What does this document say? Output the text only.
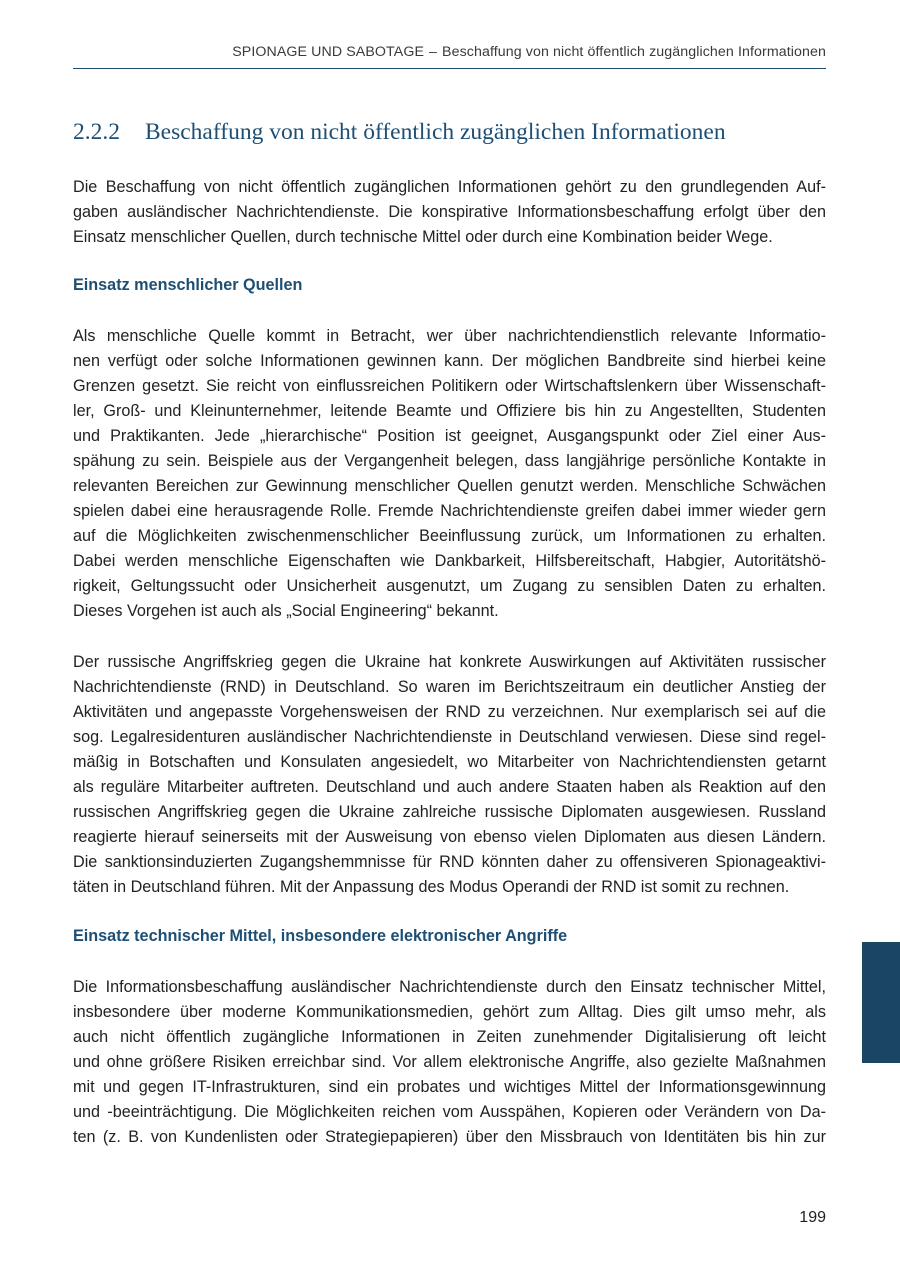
SPIONAGE UND SABOTAGE – Beschaffung von nicht öffentlich zugänglichen Informationen
2.2.2 Beschaffung von nicht öffentlich zugänglichen Informationen
Die Beschaffung von nicht öffentlich zugänglichen Informationen gehört zu den grundlegenden Auf-
gaben ausländischer Nachrichtendienste. Die konspirative Informationsbeschaffung erfolgt über den
Einsatz menschlicher Quellen, durch technische Mittel oder durch eine Kombination beider Wege.
Einsatz menschlicher Quellen
Als menschliche Quelle kommt in Betracht, wer über nachrichtendienstlich relevante Informatio-
nen verfügt oder solche Informationen gewinnen kann. Der möglichen Bandbreite sind hierbei keine
Grenzen gesetzt. Sie reicht von einflussreichen Politikern oder Wirtschaftslenkern über Wissenschaft-
ler, Groß- und Kleinunternehmer, leitende Beamte und Offiziere bis hin zu Angestellten, Studenten
und Praktikanten. Jede „hierarchische“ Position ist geeignet, Ausgangspunkt oder Ziel einer Aus-
spähung zu sein. Beispiele aus der Vergangenheit belegen, dass langjährige persönliche Kontakte in
relevanten Bereichen zur Gewinnung menschlicher Quellen genutzt werden. Menschliche Schwächen
spielen dabei eine herausragende Rolle. Fremde Nachrichtendienste greifen dabei immer wieder gern
auf die Möglichkeiten zwischenmenschlicher Beeinflussung zurück, um Informationen zu erhalten.
Dabei werden menschliche Eigenschaften wie Dankbarkeit, Hilfsbereitschaft, Habgier, Autoritätshö-
rigkeit, Geltungssucht oder Unsicherheit ausgenutzt, um Zugang zu sensiblen Daten zu erhalten.
Dieses Vorgehen ist auch als „Social Engineering“ bekannt.
Der russische Angriffskrieg gegen die Ukraine hat konkrete Auswirkungen auf Aktivitäten russischer
Nachrichtendienste (RND) in Deutschland. So waren im Berichtszeitraum ein deutlicher Anstieg der
Aktivitäten und angepasste Vorgehensweisen der RND zu verzeichnen. Nur exemplarisch sei auf die
sog. Legalresidenturen ausländischer Nachrichtendienste in Deutschland verwiesen. Diese sind regel-
mäßig in Botschaften und Konsulaten angesiedelt, wo Mitarbeiter von Nachrichtendiensten getarnt
als reguläre Mitarbeiter auftreten. Deutschland und auch andere Staaten haben als Reaktion auf den
russischen Angriffskrieg gegen die Ukraine zahlreiche russische Diplomaten ausgewiesen. Russland
reagierte hierauf seinerseits mit der Ausweisung von ebenso vielen Diplomaten aus diesen Ländern.
Die sanktionsinduzierten Zugangshemmnisse für RND könnten daher zu offensiveren Spionageaktivi-
täten in Deutschland führen. Mit der Anpassung des Modus Operandi der RND ist somit zu rechnen.
Einsatz technischer Mittel, insbesondere elektronischer Angriffe
Die Informationsbeschaffung ausländischer Nachrichtendienste durch den Einsatz technischer Mittel,
insbesondere über moderne Kommunikationsmedien, gehört zum Alltag. Dies gilt umso mehr, als
auch nicht öffentlich zugängliche Informationen in Zeiten zunehmender Digitalisierung oft leicht
und ohne größere Risiken erreichbar sind. Vor allem elektronische Angriffe, also gezielte Maßnahmen
mit und gegen IT-Infrastrukturen, sind ein probates und wichtiges Mittel der Informationsgewinnung
und -beeinträchtigung. Die Möglichkeiten reichen vom Ausspähen, Kopieren oder Verändern von Da-
ten (z. B. von Kundenlisten oder Strategiepapieren) über den Missbrauch von Identitäten bis hin zur
199
